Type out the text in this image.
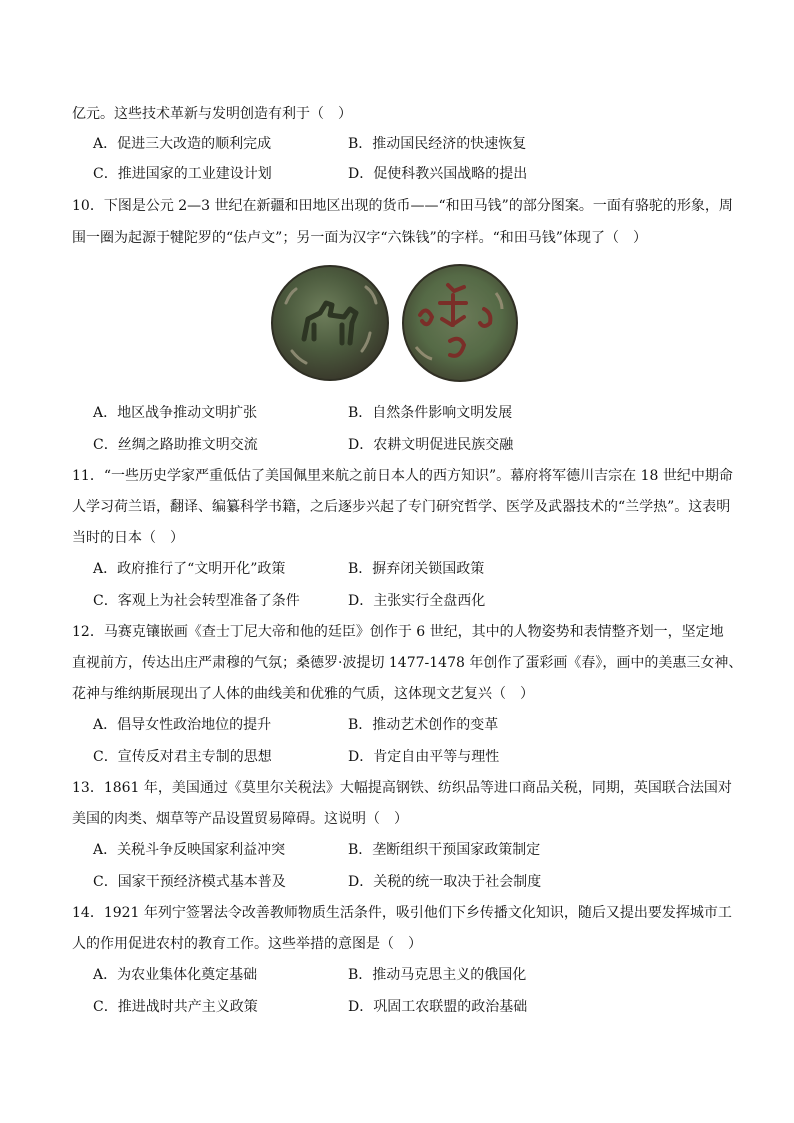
亿元。这些技术革新与发明创造有利于（　）
A．促进三大改造的顺利完成	B．推动国民经济的快速恢复
C．推进国家的工业建设计划	D．促使科教兴国战略的提出
10．下图是公元 2—3 世纪在新疆和田地区出现的货币——“和田马钱”的部分图案。一面有骆驼的形象，周
围一圈为起源于犍陀罗的“佉卢文”；另一面为汉字“六铢钱”的字样。“和田马钱”体现了（　）
A．地区战争推动文明扩张	B．自然条件影响文明发展
C．丝绸之路助推文明交流	D．农耕文明促进民族交融
11．“一些历史学家严重低估了美国佩里来航之前日本人的西方知识”。幕府将军德川吉宗在 18 世纪中期命
人学习荷兰语，翻译、编纂科学书籍，之后逐步兴起了专门研究哲学、医学及武器技术的“兰学热”。这表明
当时的日本（　）
A．政府推行了“文明开化”政策	B．摒弃闭关锁国政策
C．客观上为社会转型准备了条件	D．主张实行全盘西化
12．马赛克镶嵌画《查士丁尼大帝和他的廷臣》创作于 6 世纪，其中的人物姿势和表情整齐划一，坚定地
直视前方，传达出庄严肃穆的气氛；桑德罗·波提切 1477-1478 年创作了蛋彩画《春》，画中的美惠三女神、
花神与维纳斯展现出了人体的曲线美和优雅的气质，这体现文艺复兴（　）
A．倡导女性政治地位的提升	B．推动艺术创作的变革
C．宣传反对君主专制的思想	D．肯定自由平等与理性
13．1861 年，美国通过《莫里尔关税法》大幅提高钢铁、纺织品等进口商品关税，同期，英国联合法国对
美国的肉类、烟草等产品设置贸易障碍。这说明（　）
A．关税斗争反映国家利益冲突	B．垄断组织干预国家政策制定
C．国家干预经济模式基本普及	D．关税的统一取决于社会制度
14．1921 年列宁签署法令改善教师物质生活条件，吸引他们下乡传播文化知识，随后又提出要发挥城市工
人的作用促进农村的教育工作。这些举措的意图是（　）
A．为农业集体化奠定基础	B．推动马克思主义的俄国化
C．推进战时共产主义政策	D．巩固工农联盟的政治基础
